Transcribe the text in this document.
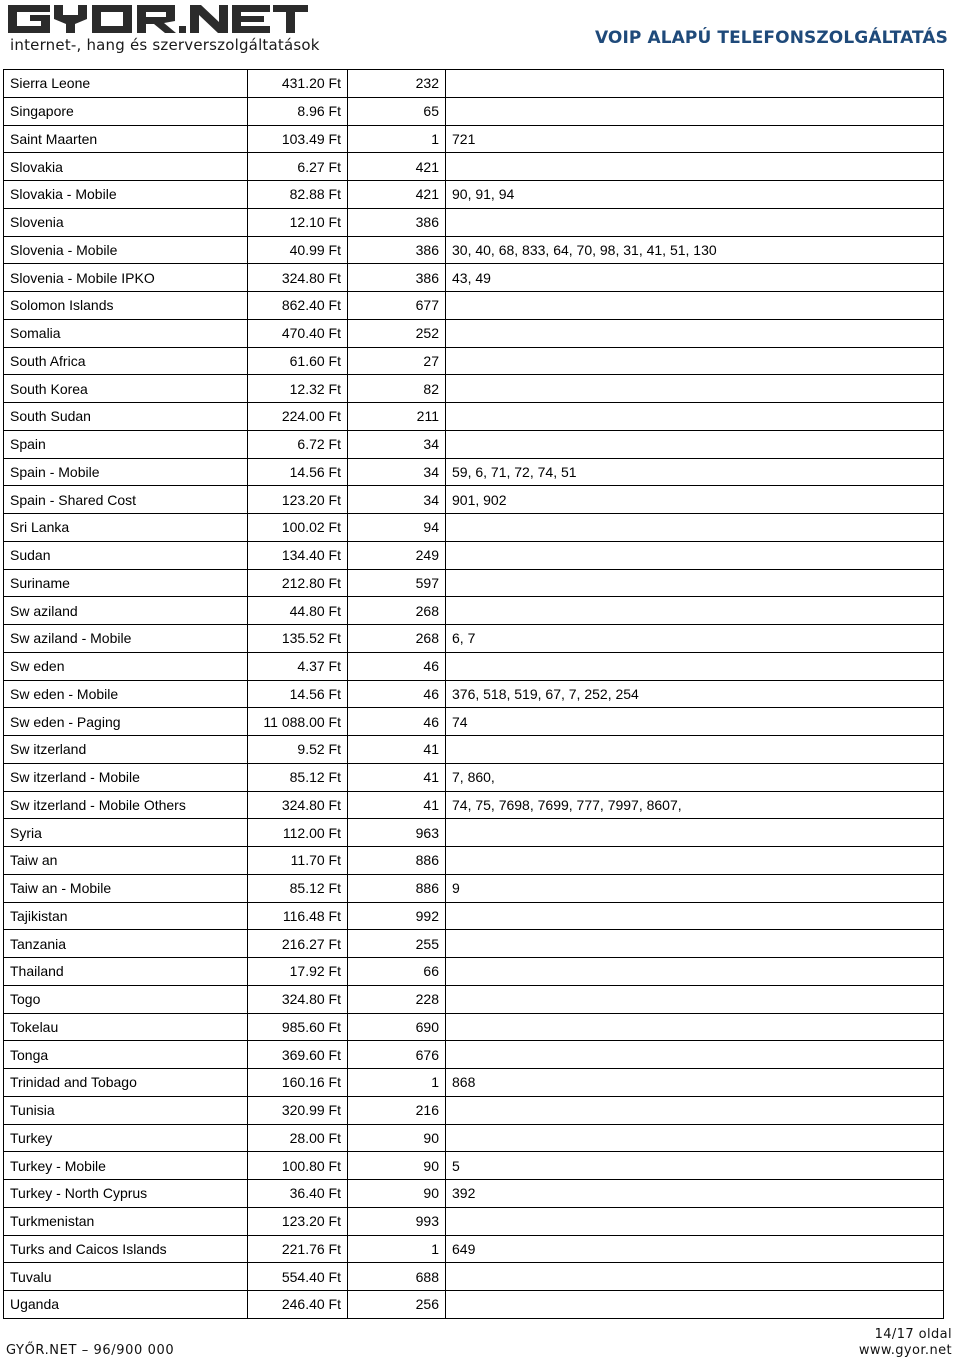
internet-, hang és szerverszolgáltatások	VOIP ALAPÚ TELEFONSZOLGÁLTATÁS
Sierra Leone	431.20 Ft	232	
Singapore	8.96 Ft	65	
Saint Maarten	103.49 Ft	1	721
Slovakia	6.27 Ft	421	
Slovakia - Mobile	82.88 Ft	421	90, 91, 94
Slovenia	12.10 Ft	386	
Slovenia - Mobile	40.99 Ft	386	30, 40, 68, 833, 64, 70, 98, 31, 41, 51, 130
Slovenia - Mobile IPKO	324.80 Ft	386	43, 49
Solomon Islands	862.40 Ft	677	
Somalia	470.40 Ft	252	
South Africa	61.60 Ft	27	
South Korea	12.32 Ft	82	
South Sudan	224.00 Ft	211	
Spain	6.72 Ft	34	
Spain - Mobile	14.56 Ft	34	59, 6, 71, 72, 74, 51
Spain - Shared Cost	123.20 Ft	34	901, 902
Sri Lanka	100.02 Ft	94	
Sudan	134.40 Ft	249	
Suriname	212.80 Ft	597	
Sw aziland	44.80 Ft	268	
Sw aziland - Mobile	135.52 Ft	268	6, 7
Sw eden	4.37 Ft	46	
Sw eden - Mobile	14.56 Ft	46	376, 518, 519, 67, 7, 252, 254
Sw eden - Paging	11 088.00 Ft	46	74
Sw itzerland	9.52 Ft	41	
Sw itzerland - Mobile	85.12 Ft	41	7, 860,
Sw itzerland - Mobile Others	324.80 Ft	41	74, 75, 7698, 7699, 777, 7997, 8607,
Syria	112.00 Ft	963	
Taiw an	11.70 Ft	886	
Taiw an - Mobile	85.12 Ft	886	9
Tajikistan	116.48 Ft	992	
Tanzania	216.27 Ft	255	
Thailand	17.92 Ft	66	
Togo	324.80 Ft	228	
Tokelau	985.60 Ft	690	
Tonga	369.60 Ft	676	
Trinidad and Tobago	160.16 Ft	1	868
Tunisia	320.99 Ft	216	
Turkey	28.00 Ft	90	
Turkey - Mobile	100.80 Ft	90	5
Turkey - North Cyprus	36.40 Ft	90	392
Turkmenistan	123.20 Ft	993	
Turks and Caicos Islands	221.76 Ft	1	649
Tuvalu	554.40 Ft	688	
Uganda	246.40 Ft	256	
GYŐR.NET – 96/900 000
14/17 oldal
www.gyor.net
